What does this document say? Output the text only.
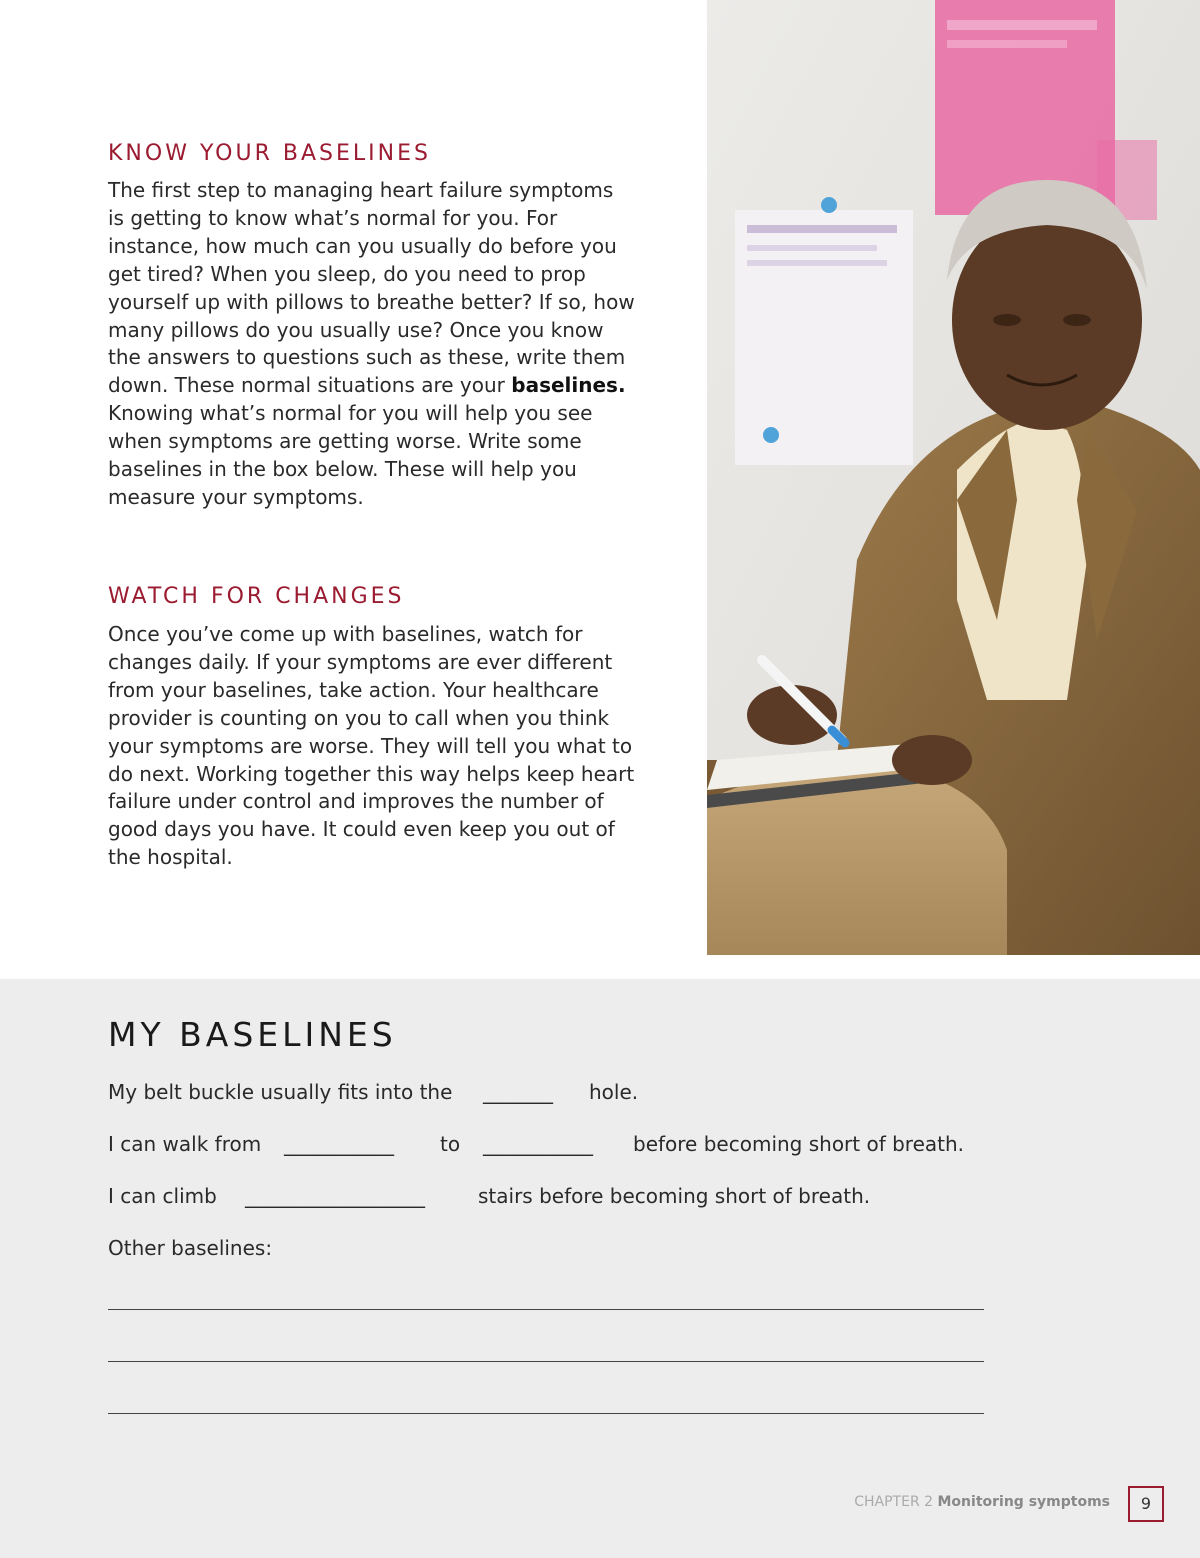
KNOW YOUR BASELINES
The first step to managing heart failure symptoms
is getting to know what’s normal for you. For
instance, how much can you usually do before you
get tired? When you sleep, do you need to prop
yourself up with pillows to breathe better? If so, how
many pillows do you usually use? Once you know
the answers to questions such as these, write them
down. These normal situations are your baselines.
Knowing what’s normal for you will help you see
when symptoms are getting worse. Write some
baselines in the box below. These will help you
measure your symptoms.
WATCH FOR CHANGES
Once you’ve come up with baselines, watch for
changes daily. If your symptoms are ever different
from your baselines, take action. Your healthcare
provider is counting on you to call when you think
your symptoms are worse. They will tell you what to
do next. Working together this way helps keep heart
failure under control and improves the number of
good days you have. It could even keep you out of
the hospital.
MY BASELINES
My belt buckle usually fits into the _______ hole.
I can walk from ___________ to ___________ before becoming short of breath.
I can climb __________________	stairs before becoming short of breath.
Other baselines:
CHAPTER 2 Monitoring symptoms	9
